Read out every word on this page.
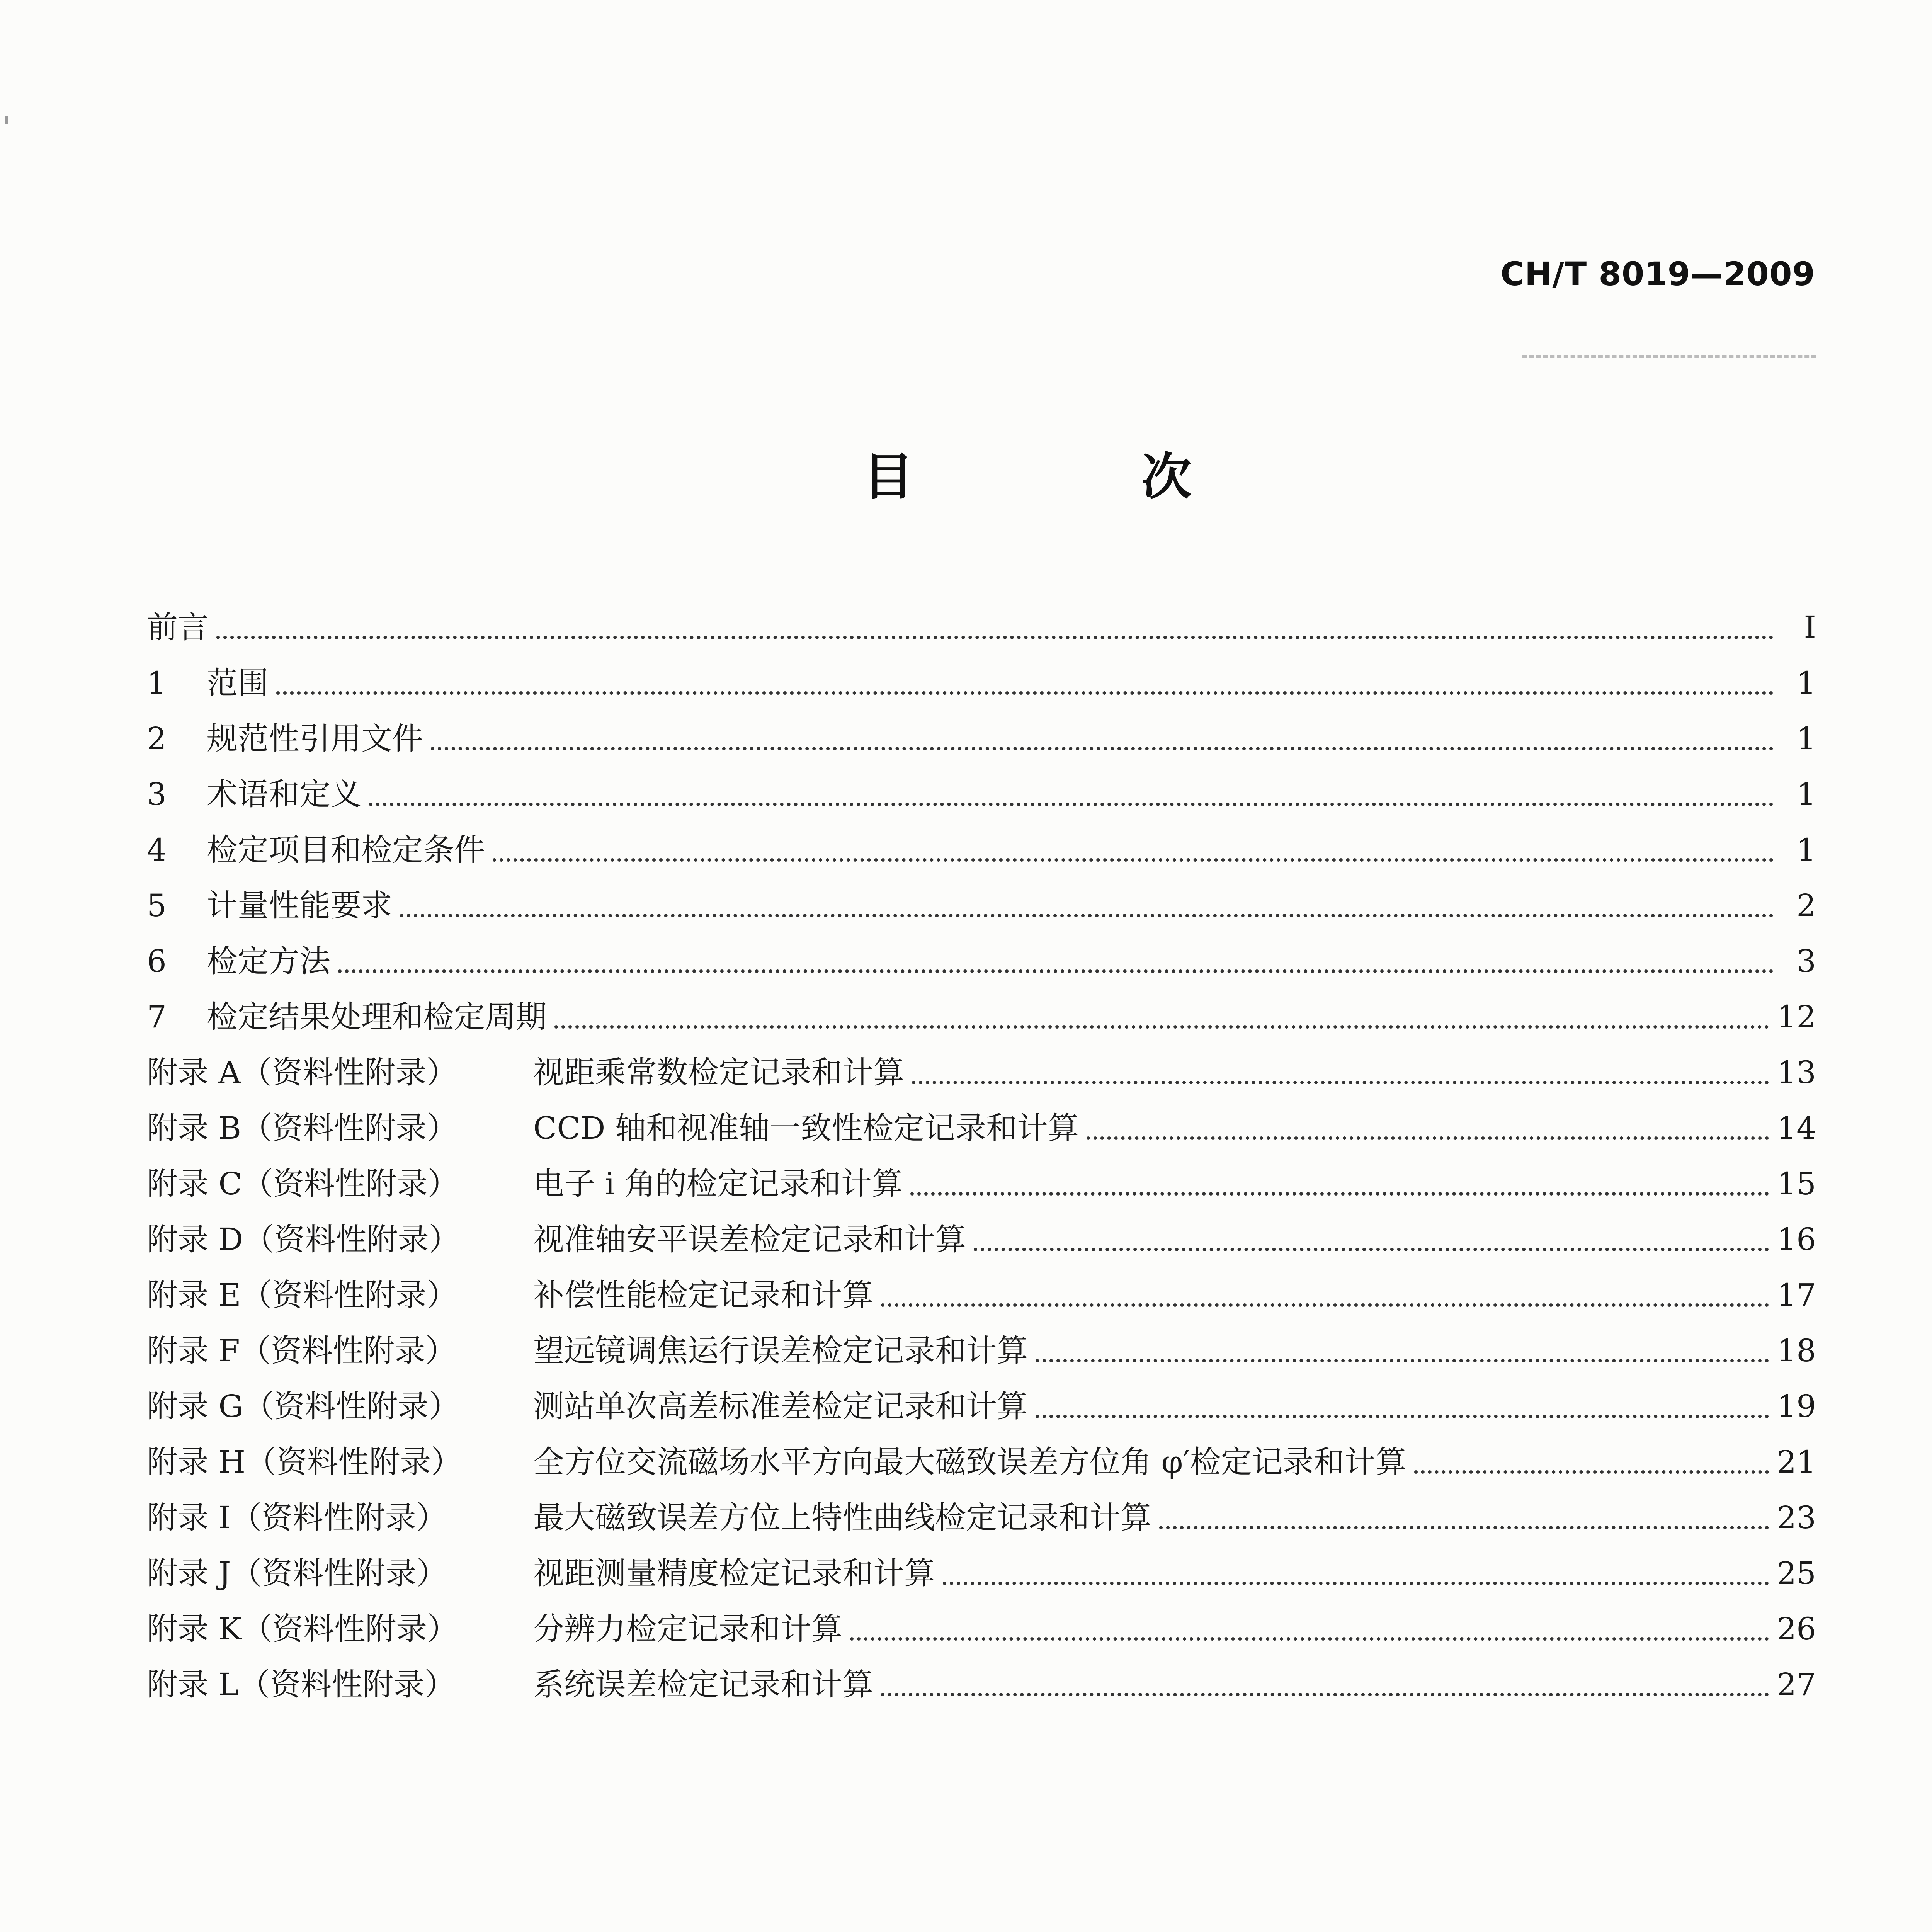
CH/T 8019—2009
目　次
前言	I
1	范围	1
2	规范性引用文件	1
3	术语和定义	1
4	检定项目和检定条件	1
5	计量性能要求	2
6	检定方法	3
7	检定结果处理和检定周期	12
附录 A（资料性附录）	视距乘常数检定记录和计算	13
附录 B（资料性附录）	CCD 轴和视准轴一致性检定记录和计算	14
附录 C（资料性附录）	电子 i 角的检定记录和计算	15
附录 D（资料性附录）	视准轴安平误差检定记录和计算	16
附录 E（资料性附录）	补偿性能检定记录和计算	17
附录 F（资料性附录）	望远镜调焦运行误差检定记录和计算	18
附录 G（资料性附录）	测站单次高差标准差检定记录和计算	19
附录 H（资料性附录）	全方位交流磁场水平方向最大磁致误差方位角 φ′检定记录和计算	21
附录 I（资料性附录）	最大磁致误差方位上特性曲线检定记录和计算	23
附录 J（资料性附录）	视距测量精度检定记录和计算	25
附录 K（资料性附录）	分辨力检定记录和计算	26
附录 L（资料性附录）	系统误差检定记录和计算	27
